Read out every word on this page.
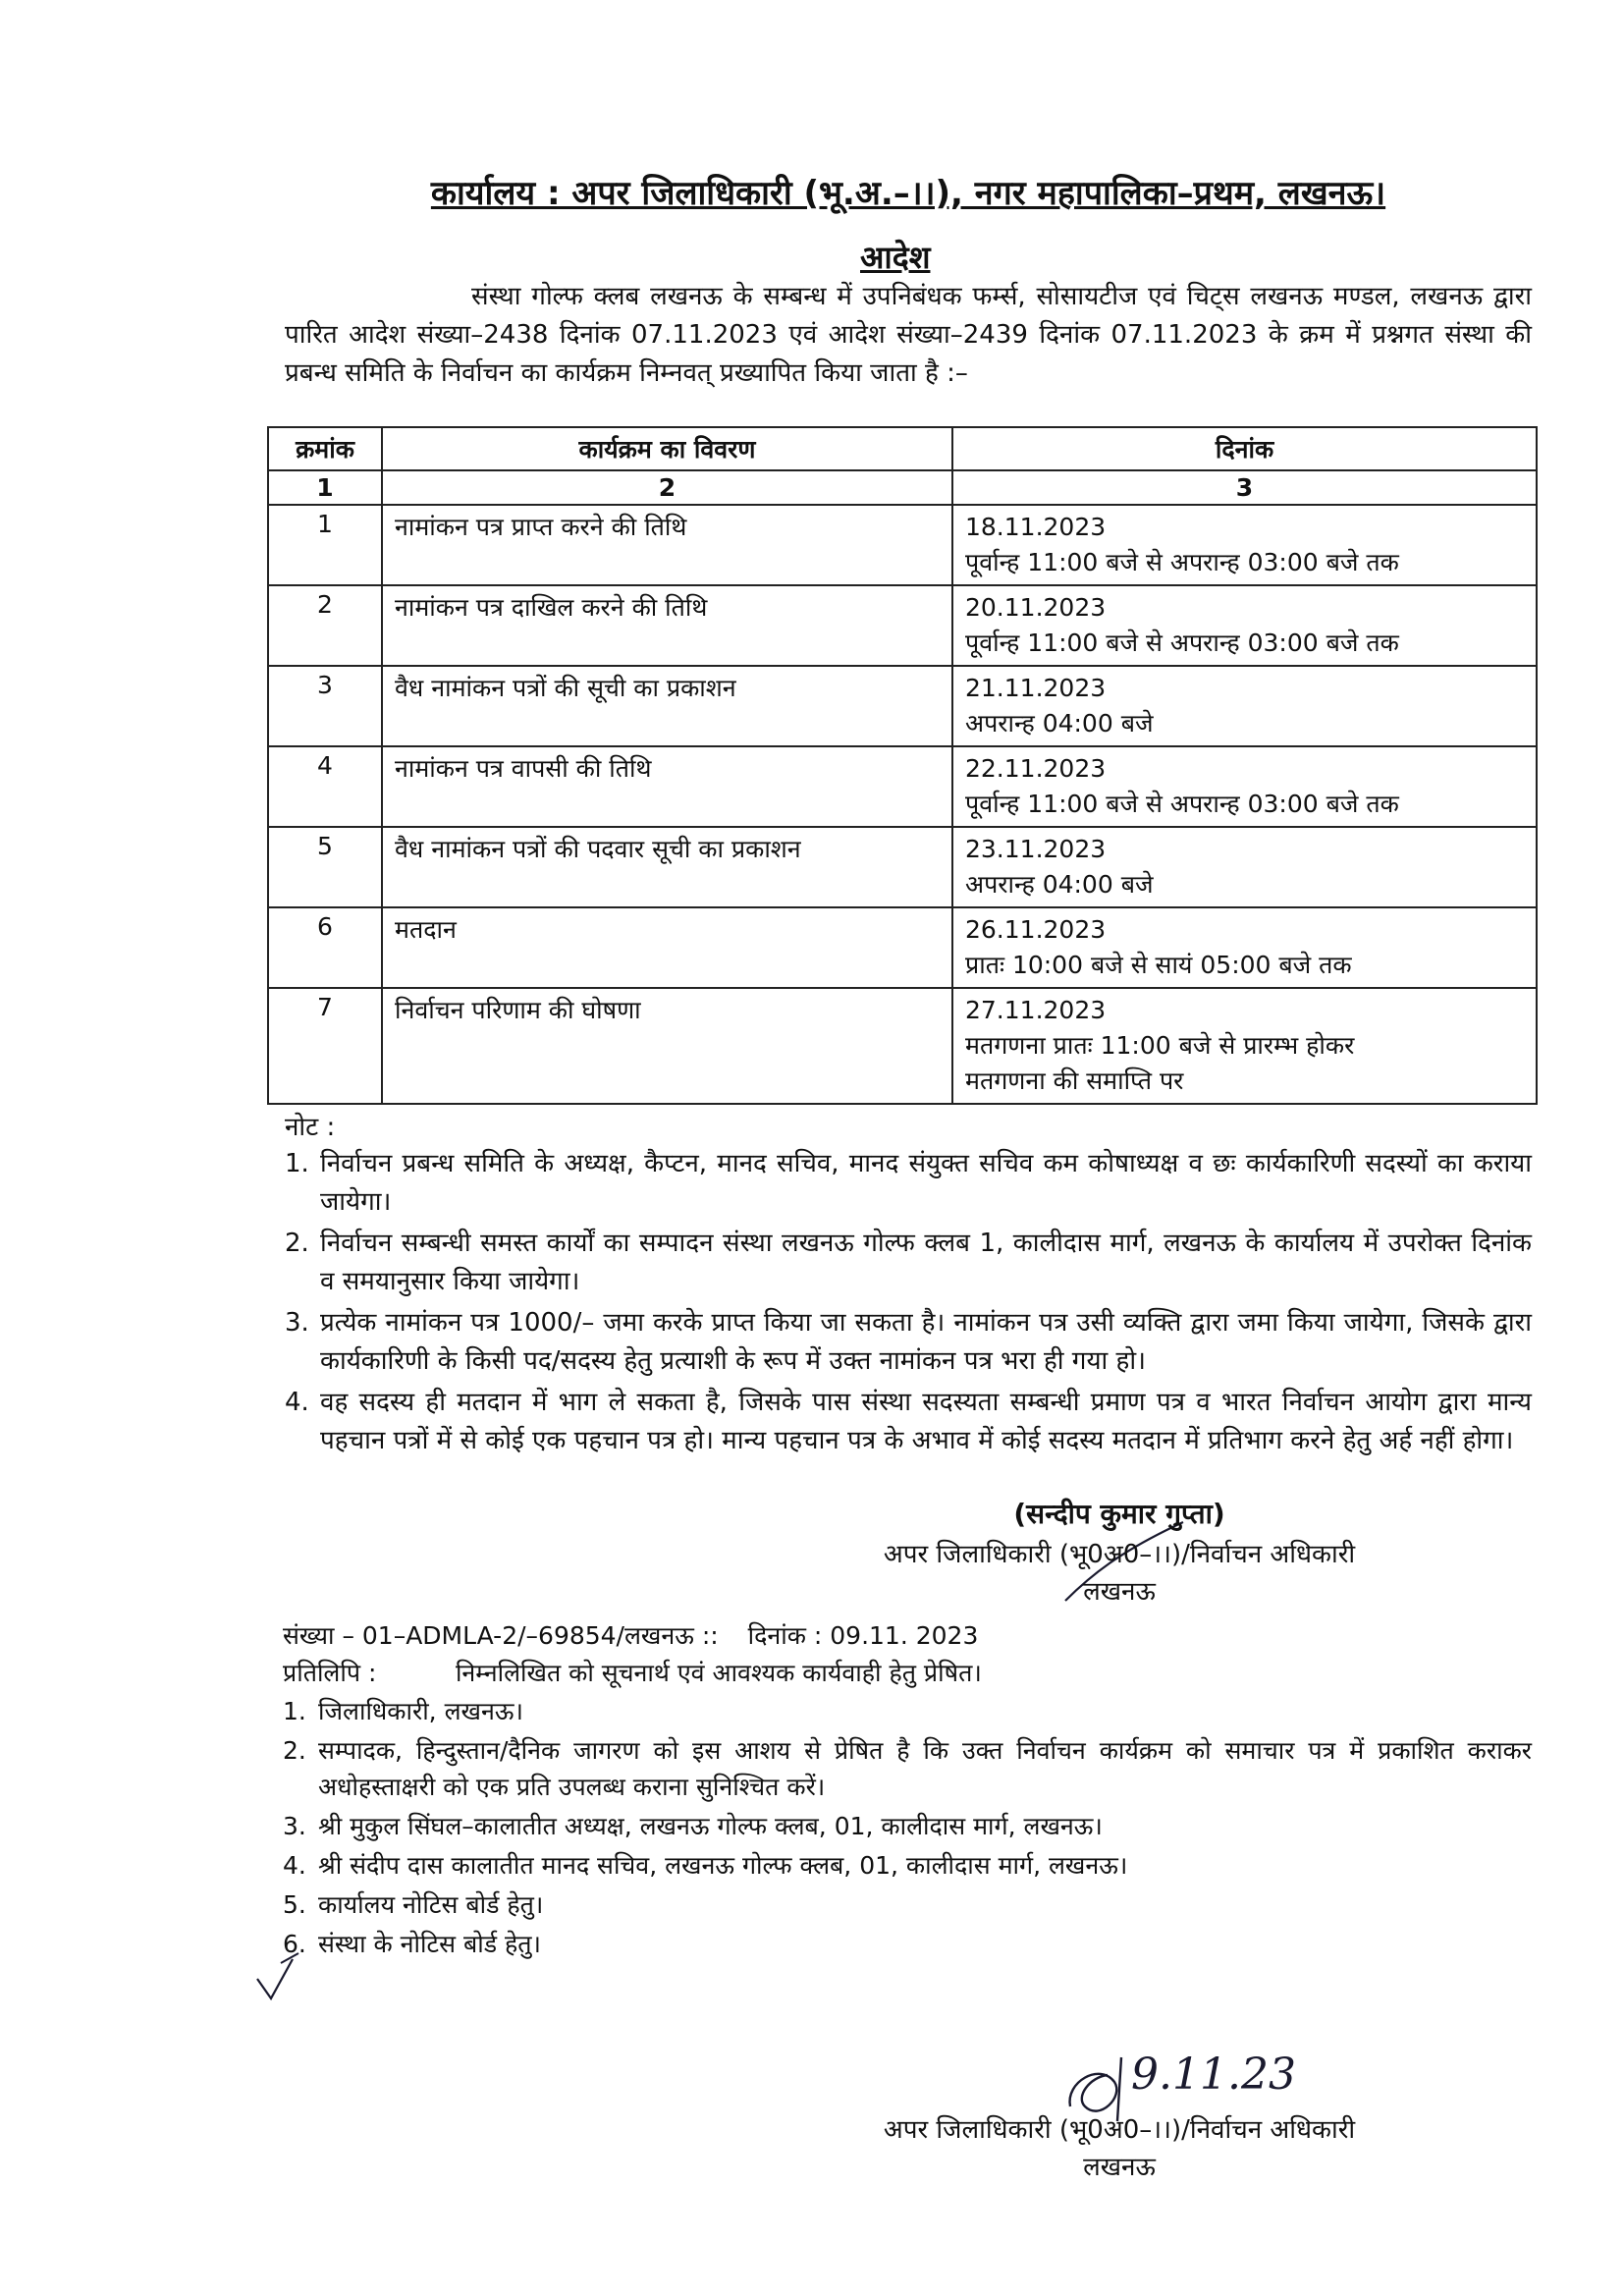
कार्यालय : अपर जिलाधिकारी (भू.अ.–।।), नगर महापालिका–प्रथम, लखनऊ।
आदेश
संस्था गोल्फ क्लब लखनऊ के सम्बन्ध में उपनिबंधक फर्म्स, सोसायटीज एवं चिट्स लखनऊ मण्डल, लखनऊ द्वारा पारित आदेश संख्या–2438 दिनांक 07.11.2023 एवं आदेश संख्या–2439 दिनांक 07.11.2023 के क्रम में प्रश्नगत संस्था की प्रबन्ध समिति के निर्वाचन का कार्यक्रम निम्नवत् प्रख्यापित किया जाता है :–
क्रमांक	कार्यक्रम का विवरण	दिनांक
1	2	3
1	नामांकन पत्र प्राप्त करने की तिथि	18.11.2023
पूर्वान्ह 11:00 बजे से अपरान्ह 03:00 बजे तक

2	नामांकन पत्र दाखिल करने की तिथि	20.11.2023
पूर्वान्ह 11:00 बजे से अपरान्ह 03:00 बजे तक

3	वैध नामांकन पत्रों की सूची का प्रकाशन	21.11.2023
अपरान्ह 04:00 बजे

4	नामांकन पत्र वापसी की तिथि	22.11.2023
पूर्वान्ह 11:00 बजे से अपरान्ह 03:00 बजे तक

5	वैध नामांकन पत्रों की पदवार सूची का प्रकाशन	23.11.2023
अपरान्ह 04:00 बजे

6	मतदान	26.11.2023
प्रातः 10:00 बजे से सायं 05:00 बजे तक

7	निर्वाचन परिणाम की घोषणा	27.11.2023
मतगणना प्रातः 11:00 बजे से प्रारम्भ होकर
मतगणना की समाप्ति पर
नोट :
1. निर्वाचन प्रबन्ध समिति के अध्यक्ष, कैप्टन, मानद सचिव, मानद संयुक्त सचिव कम कोषाध्यक्ष व छः कार्यकारिणी सदस्यों का कराया जायेगा।
2. निर्वाचन सम्बन्धी समस्त कार्यों का सम्पादन संस्था लखनऊ गोल्फ क्लब 1, कालीदास मार्ग, लखनऊ के कार्यालय में उपरोक्त दिनांक व समयानुसार किया जायेगा।
3. प्रत्येक नामांकन पत्र 1000/– जमा करके प्राप्त किया जा सकता है। नामांकन पत्र उसी व्यक्ति द्वारा जमा किया जायेगा, जिसके द्वारा कार्यकारिणी के किसी पद/सदस्य हेतु प्रत्याशी के रूप में उक्त नामांकन पत्र भरा ही गया हो।
4. वह सदस्य ही मतदान में भाग ले सकता है, जिसके पास संस्था सदस्यता सम्बन्धी प्रमाण पत्र व भारत निर्वाचन आयोग द्वारा मान्य पहचान पत्रों में से कोई एक पहचान पत्र हो। मान्य पहचान पत्र के अभाव में कोई सदस्य मतदान में प्रतिभाग करने हेतु अर्ह नहीं होगा।
(सन्दीप कुमार गुप्ता)
अपर जिलाधिकारी (भू0अ0–।।)/निर्वाचन अधिकारी
लखनऊ
संख्या – 01–ADMLA-2/–69854/लखनऊ :: दिनांक : 09.11. 2023
प्रतिलिपि :	निम्नलिखित को सूचनार्थ एवं आवश्यक कार्यवाही हेतु प्रेषित।
1. जिलाधिकारी, लखनऊ।
2. सम्पादक, हिन्दुस्तान/दैनिक जागरण को इस आशय से प्रेषित है कि उक्त निर्वाचन कार्यक्रम को समाचार पत्र में प्रकाशित कराकर अधोहस्ताक्षरी को एक प्रति उपलब्ध कराना सुनिश्चित करें।
3. श्री मुकुल सिंघल–कालातीत अध्यक्ष, लखनऊ गोल्फ क्लब, 01, कालीदास मार्ग, लखनऊ।
4. श्री संदीप दास कालातीत मानद सचिव, लखनऊ गोल्फ क्लब, 01, कालीदास मार्ग, लखनऊ।
5. कार्यालय नोटिस बोर्ड हेतु।
6. संस्था के नोटिस बोर्ड हेतु।
9.11.23
अपर जिलाधिकारी (भू0अ0–।।)/निर्वाचन अधिकारी
लखनऊ
